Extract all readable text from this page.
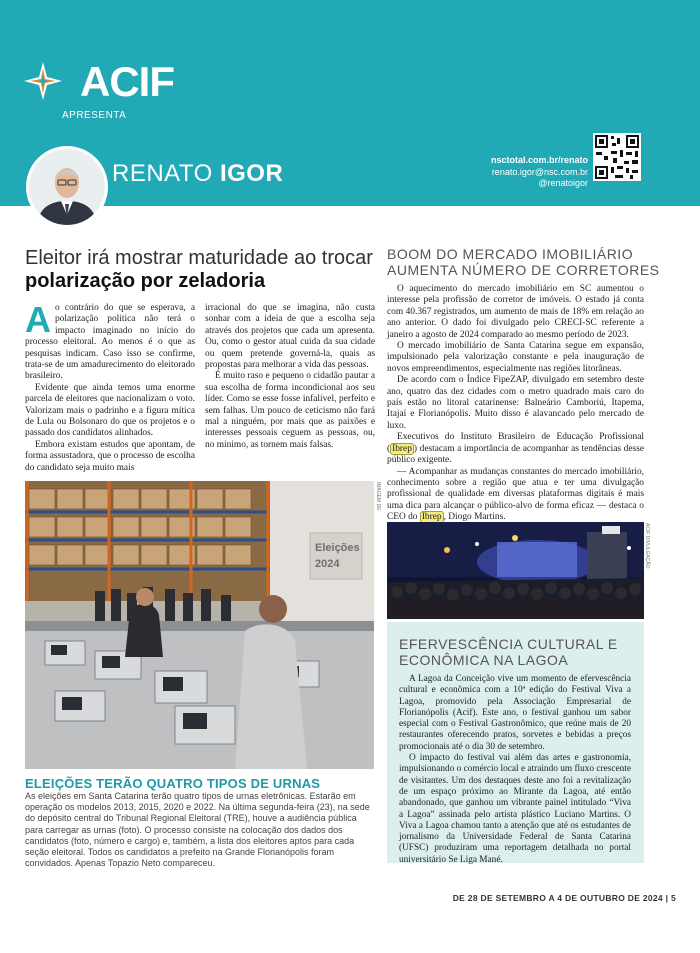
ACIF
APRESENTA
RENATO IGOR	nsctotal.com.br/renato
renato.igor@nsc.com.br
@renatoigor
Eleitor irá mostrar maturidade ao trocar polarização por zeladoria

Ao contrário do que se esperava, a polarização política não terá o impacto imaginado no início do processo eleitoral. Ao menos é o que as pesquisas indicam. Caso isso se confirme, trata-se de um amadurecimento do eleitorado brasileiro.

Evidente que ainda temos uma enorme parcela de eleitores que nacionalizam o voto. Valorizam mais o padrinho e a figura mítica de Lula ou Bolsonaro do que os projetos e o passado dos candidatos alinhados.

Embora existam estudos que apontam, de forma assustadora, que o processo de escolha do candidato seja muito mais

irracional do que se imagina, não custa sonhar com a ideia de que a escolha seja através dos projetos que cada um apresenta. Ou, como o gestor atual cuida da sua cidade ou quem pretende governá-la, quais as propostas para melhorar a vida das pessoas.

É muito raso e pequeno o cidadão pautar a sua escolha de forma incondicional aos seu líder. Como se esse fosse infalível, perfeito e sem falhas. Um pouco de ceticismo não fará mal a ninguém, por mais que as paixões e interesses pessoais ceguem as pessoas, ou, no mínimo, as tornem mais falsas.

Eleições
2024
IMAGEM DE
ELEIÇÕES TERÃO QUATRO TIPOS DE URNAS
As eleições em Santa Catarina terão quatro tipos de urnas eletrônicas. Estarão em operação os modelos 2013, 2015, 2020 e 2022. Na última segunda-feira (23), na sede do depósito central do Tribunal Regional Eleitoral (TRE), houve a audiência pública para carregar as urnas (foto). O processo consiste na colocação dos dados dos candidatos (foto, número e cargo) e, também, a lista dos eleitores aptos para cada seção eleitoral. Todos os candidatos a prefeito na Grande Florianópolis foram convidados. Apenas Topazio Neto compareceu.
BOOM DO MERCADO IMOBILIÁRIO AUMENTA NÚMERO DE CORRETORES

O aquecimento do mercado imobiliário em SC aumentou o interesse pela profissão de corretor de imóveis. O estado já conta com 40.367 registrados, um aumento de mais de 18% em relação ao ano anterior. O dado foi divulgado pelo CRECI-SC referente a janeiro a agosto de 2024 comparado ao mesmo período de 2023.

O mercado imobiliário de Santa Catarina segue em expansão, impulsionado pela valorização constante e pela inauguração de novos empreendimentos, especialmente nas regiões litorâneas.

De acordo com o Índice FipeZAP, divulgado em setembro deste ano, quatro das dez cidades com o metro quadrado mais caro do país estão no litoral catarinense: Balneário Camboriú, Itapema, Itajaí e Florianópolis. Muito disso é alavancado pelo mercado de luxo.

Executivos do Instituto Brasileiro de Educação Profissional ( Ibrep ) destacam a importância de acompanhar as tendências desse público exigente.

— Acompanhar as mudanças constantes do mercado imobiliário, conhecimento sobre a região que atua e ter uma divulgação profissional de qualidade em diversas plataformas digitais é mais uma dica para alcançar o público-alvo de forma eficaz — destaca o CEO do Ibrep , Diogo Martins.

ACIF DIVULGAÇÃO
EFERVESCÊNCIA CULTURAL E ECONÔMICA NA LAGOA

A Lagoa da Conceição vive um momento de efervescência cultural e econômica com a 10ª edição do Festival Viva a Lagoa, promovido pela Associação Empresarial de Florianópolis (Acif). Este ano, o festival ganhou um sabor especial com o Festival Gastronômico, que reúne mais de 20 restaurantes oferecendo pratos, sorvetes e bebidas a preços promocionais até o dia 30 de setembro.

O impacto do festival vai além das artes e gastronomia, impulsionando o comércio local e atraindo um fluxo crescente de visitantes. Um dos destaques deste ano foi a revitalização de um espaço próximo ao Mirante da Lagoa, até então abandonado, que ganhou um vibrante painel intitulado “Viva a Lagoa” assinada pelo artista plástico Luciano Martins. O Viva a Lagoa chamou tanto a atenção que até os estudantes de jornalismo da Universidade Federal de Santa Catarina (UFSC) produziram uma reportagem detalhada no portal universitário Se Liga Mané.

DE 28 DE SETEMBRO A 4 DE OUTUBRO DE 2024 | 5
